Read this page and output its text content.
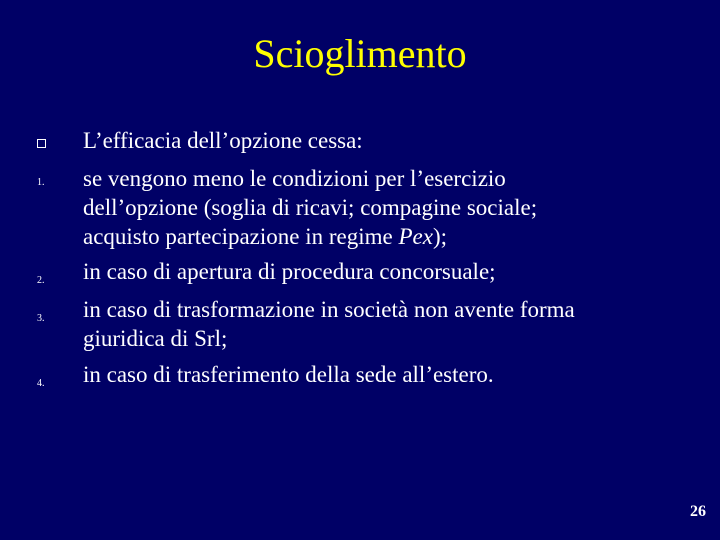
Scioglimento
L’efficacia dell’opzione cessa:
1.	se vengono meno le condizioni per l’esercizio
dell’opzione (soglia di ricavi; compagine sociale;
acquisto partecipazione in regime Pex);
2.	in caso di apertura di procedura concorsuale;
3.	in caso di trasformazione in società non avente forma
giuridica di Srl;
4.	in caso di trasferimento della sede all’estero.
26
